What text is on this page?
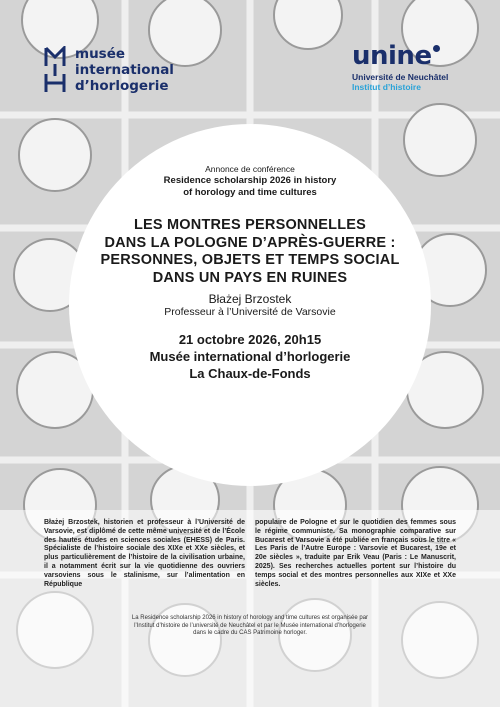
musée
international
d’horlogerie
unine
Université de Neuchâtel
Institut d’histoire
Annonce de conférence
Residence scholarship 2026 in history
of horology and time cultures
LES MONTRES PERSONNELLES
DANS LA POLOGNE D’APRÈS-GUERRE :
PERSONNES, OBJETS ET TEMPS SOCIAL
DANS UN PAYS EN RUINES
Błażej Brzostek
Professeur à l’Université de Varsovie
21 octobre 2026, 20h15
Musée international d’horlogerie
La Chaux-de-Fonds
Błażej Brzostek, historien et professeur à l’Université de Varsovie, est diplômé de cette même université et de l’École des hautes études en sciences sociales (EHESS) de Paris. Spécialiste de l’histoire sociale des XIXe et XXe siècles, et plus particulièrement de l’histoire de la civilisation urbaine, il a notamment écrit sur la vie quotidienne des ouvriers varsoviens sous le stalinisme, sur l’alimentation en République
populaire de Pologne et sur le quotidien des femmes sous le régime communiste. Sa monographie comparative sur Bucarest et Varsovie a été publiée en français sous le titre « Les Paris de l’Autre Europe : Varsovie et Bucarest, 19e et 20e siècles », traduite par Erik Veau (Paris : Le Manuscrit, 2025). Ses recherches actuelles portent sur l’histoire du temps social et des montres personnelles aux XIXe et XXe siècles.
La Residence scholarship 2026 in history of horology and time cultures est organisée par
l’Institut d’histoire de l’université de Neuchâtel et par le Musée international d’horlogerie
dans le cadre du CAS Patrimoine horloger.
